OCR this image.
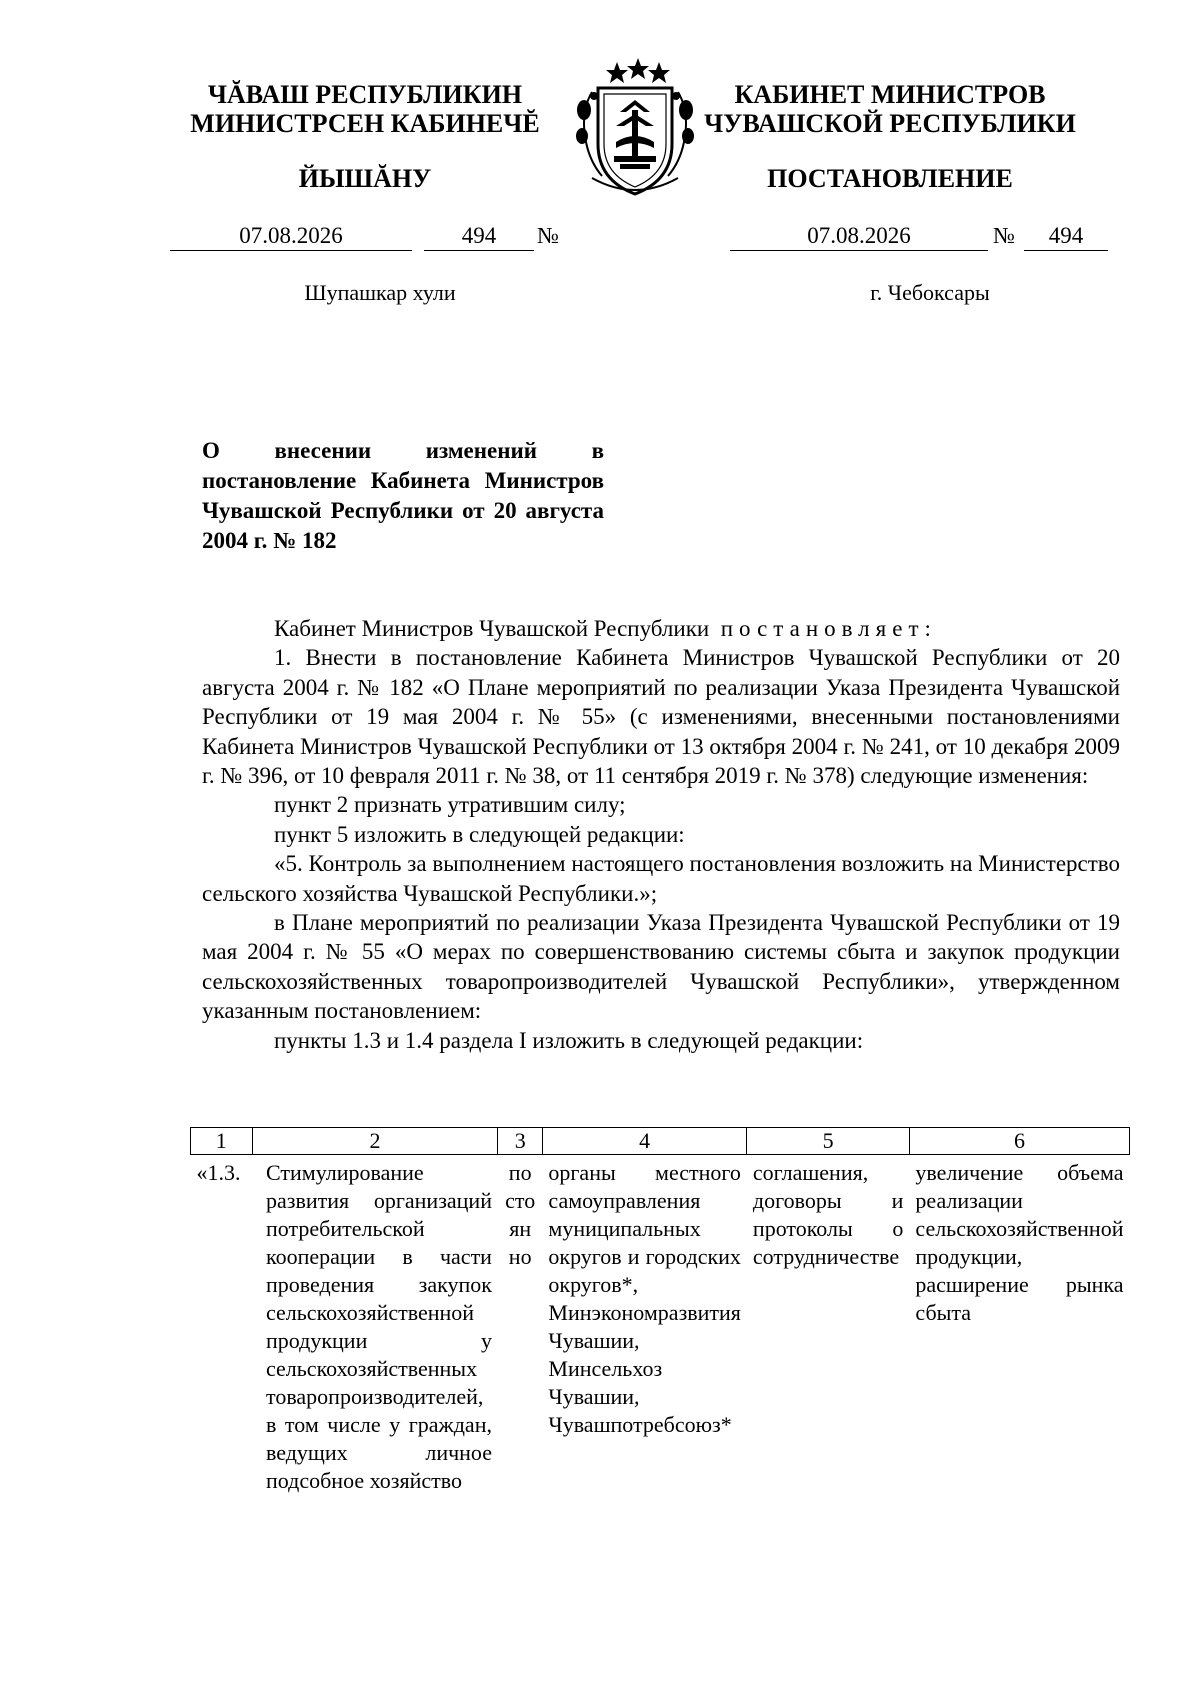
ЧĂВАШ РЕСПУБЛИКИН
МИНИСТРСЕН КАБИНЕЧĔ
ЙЫШĂНУ
КАБИНЕТ МИНИСТРОВ
ЧУВАШСКОЙ РЕСПУБЛИКИ
ПОСТАНОВЛЕНИЕ
07.08.2026	494	№	07.08.2026	№	494
Шупашкар хули	г. Чебоксары
О внесении изменений в постановление Кабинета Министров Чувашской Республики от 20 августа 2004 г. № 182

Кабинет Министров Чувашской Республики постановляет:

1. Внести в постановление Кабинета Министров Чувашской Республики от 20 августа 2004 г. № 182 «О Плане мероприятий по реализации Указа Президента Чувашской Республики от 19 мая 2004 г. № 55» (с изменениями, внесенными постановлениями Кабинета Министров Чувашской Республики от 13 октября 2004 г. № 241, от 10 декабря 2009 г. № 396, от 10 февраля 2011 г. № 38, от 11 сентября 2019 г. № 378) следующие изменения:

пункт 2 признать утратившим силу;

пункт 5 изложить в следующей редакции:

«5. Контроль за выполнением настоящего постановления возложить на Министерство сельского хозяйства Чувашской Республики.»;

в Плане мероприятий по реализации Указа Президента Чувашской Республики от 19 мая 2004 г. № 55 «О мерах по совершенствованию системы сбыта и закупок продукции сельскохозяйственных товаропроизводителей Чувашской Республики», утвержденном указанным постановлением:

пункты 1.3 и 1.4 раздела I изложить в следующей редакции:

1	2	3	4	5	6

«1.3.	Стимулирование развития организаций потребительской кооперации в части проведения закупок сельскохозяйственной продукции у сельскохозяйственных товаропроизводителей, в том числе у граждан, ведущих личное подсобное хозяйство	постоянно	органы местного самоуправления муниципальных округов и городских округов*, Минэкономразвития Чувашии, Минсельхоз Чувашии, Чувашпотребсоюз*	соглашения, договоры и протоколы о сотрудничестве	увеличение объема реализации сельскохозяйственной продукции, расширение рынка сбыта
